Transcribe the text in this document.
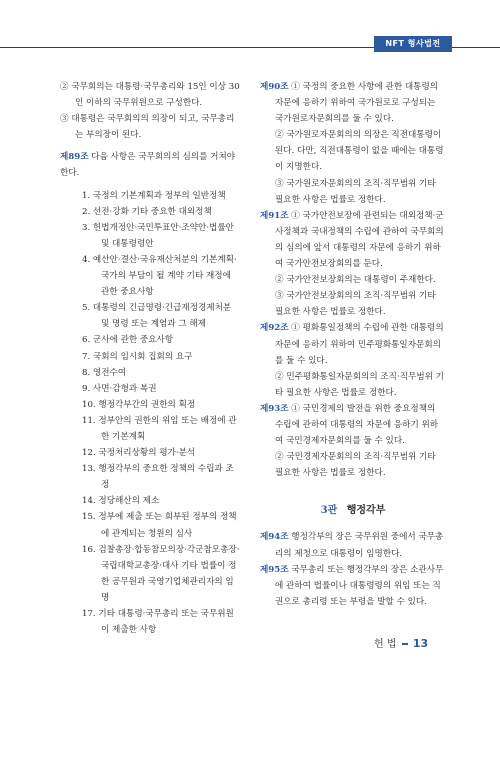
NFT 형사법전

② 국무회의는 대통령·국무총리와 15인 이상 30인 이하의 국무위원으로 구성한다.

③ 대통령은 국무회의의 의장이 되고, 국무총리는 부의장이 된다.

제89조 다음 사항은 국무회의의 심의를 거쳐야 한다.

1. 국정의 기본계획과 정부의 일반정책

2. 선전·강화 기타 중요한 대외정책

3. 헌법개정안·국민투표안·조약안·법률안 및 대통령령안

4. 예산안·결산·국유재산처분의 기본계획·국가의 부담이 될 계약 기타 재정에 관한 중요사항

5. 대통령의 긴급명령·긴급재정경제처분 및 명령 또는 계엄과 그 해제

6. 군사에 관한 중요사항

7. 국회의 임시회 집회의 요구

8. 영전수여

9. 사면·감형과 복권

10. 행정각부간의 권한의 획정

11. 정부안의 권한의 위임 또는 배정에 관한 기본계획

12. 국정처리상황의 평가·분석

13. 행정각부의 중요한 정책의 수립과 조정

14. 정당해산의 제소

15. 정부에 제출 또는 회부된 정부의 정책에 관계되는 청원의 심사

16. 검찰총장·합동참모의장·각군참모총장·국립대학교총장·대사 기타 법률이 정한 공무원과 국영기업체관리자의 임명

17. 기타 대통령·국무총리 또는 국무위원이 제출한 사항

제90조 ① 국정의 중요한 사항에 관한 대통령의 자문에 응하기 위하여 국가원로로 구성되는 국가원로자문회의를 둘 수 있다.

② 국가원로자문회의의 의장은 직전대통령이 된다. 다만, 직전대통령이 없을 때에는 대통령이 지명한다.

③ 국가원로자문회의의 조직·직무범위 기타 필요한 사항은 법률로 정한다.

제91조 ① 국가안전보장에 관련되는 대외정책·군사정책과 국내정책의 수립에 관하여 국무회의의 심의에 앞서 대통령의 자문에 응하기 위하여 국가안전보장회의를 둔다.

② 국가안전보장회의는 대통령이 주재한다.

③ 국가안전보장회의의 조직·직무범위 기타 필요한 사항은 법률로 정한다.

제92조 ① 평화통일정책의 수립에 관한 대통령의 자문에 응하기 위하여 민주평화통일자문회의를 둘 수 있다.

② 민주평화통일자문회의의 조직·직무범위 기타 필요한 사항은 법률로 정한다.

제93조 ① 국민경제의 발전을 위한 중요정책의 수립에 관하여 대통령의 자문에 응하기 위하여 국민경제자문회의를 둘 수 있다.

② 국민경제자문회의의 조직·직무범위 기타 필요한 사항은 법률로 정한다.

3관 행정각부

제94조 행정각부의 장은 국무위원 중에서 국무총리의 제청으로 대통령이 임명한다.

제95조 국무총리 또는 행정각부의 장은 소관사무에 관하여 법률이나 대통령령의 위임 또는 직권으로 총리령 또는 부령을 발할 수 있다.

헌 법 13
